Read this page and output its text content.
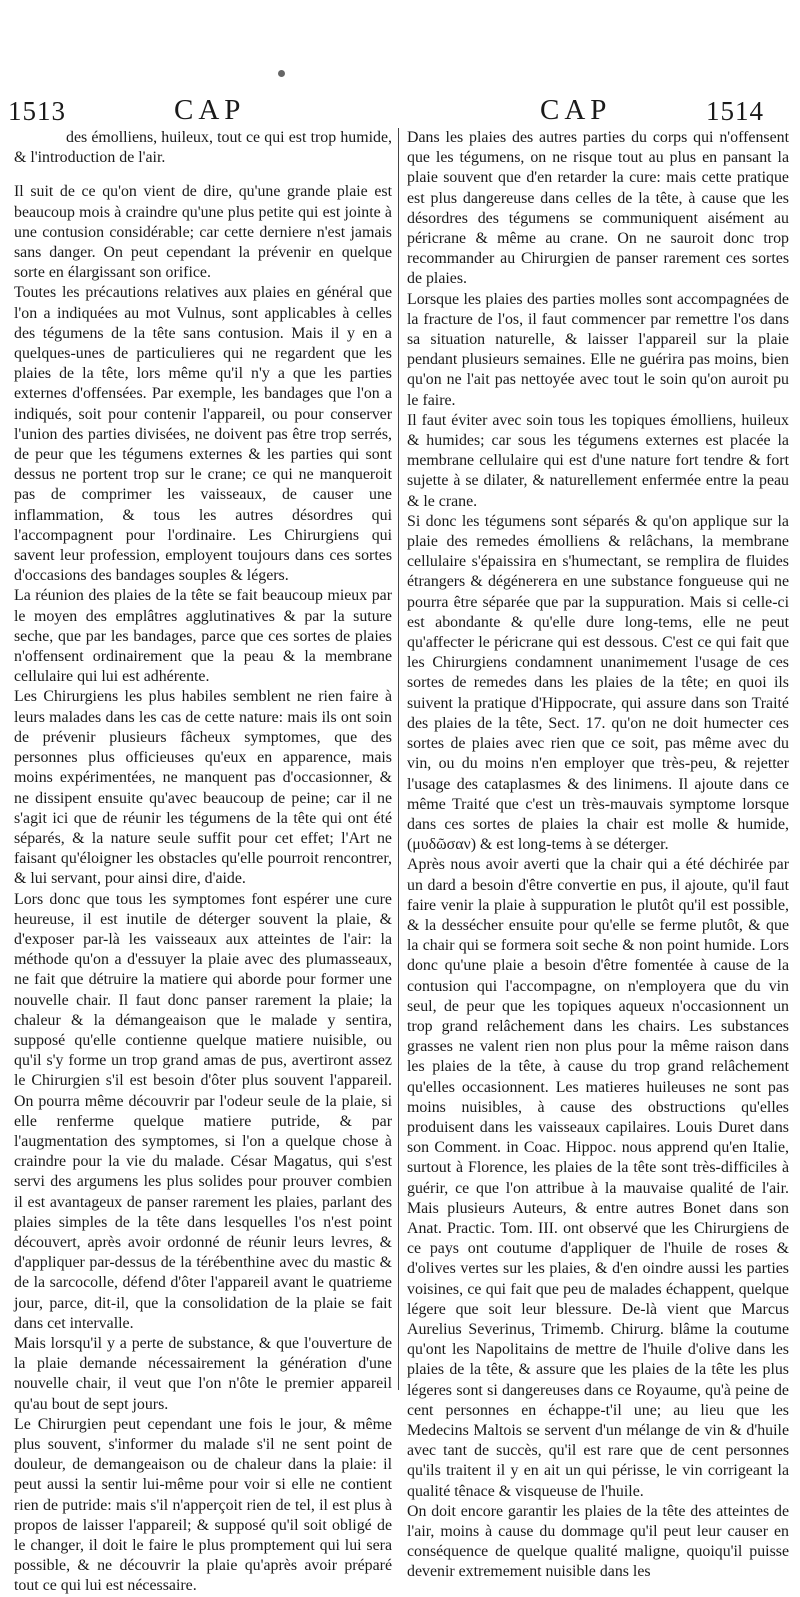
1513	CAP	CAP	1514

des émolliens, huileux, tout ce qui est trop humide, & l'introduction de l'air.

Il suit de ce qu'on vient de dire, qu'une grande plaie est beaucoup mois à craindre qu'une plus petite qui est jointe à une contusion considérable; car cette derniere n'est jamais sans danger. On peut cependant la prévenir en quelque sorte en élargissant son orifice.

Toutes les précautions relatives aux plaies en général que l'on a indiquées au mot Vulnus, sont applicables à celles des tégumens de la tête sans contusion. Mais il y en a quelques-unes de particulieres qui ne regardent que les plaies de la tête, lors même qu'il n'y a que les parties externes d'offensées. Par exemple, les bandages que l'on a indiqués, soit pour contenir l'appareil, ou pour conserver l'union des parties divisées, ne doivent pas être trop serrés, de peur que les tégumens externes & les parties qui sont dessus ne portent trop sur le crane; ce qui ne manqueroit pas de comprimer les vaisseaux, de causer une inflammation, & tous les autres désordres qui l'accompagnent pour l'ordinaire. Les Chirurgiens qui savent leur profession, employent toujours dans ces sortes d'occasions des bandages souples & légers.

La réunion des plaies de la tête se fait beaucoup mieux par le moyen des emplâtres agglutinatives & par la suture seche, que par les bandages, parce que ces sortes de plaies n'offensent ordinairement que la peau & la membrane cellulaire qui lui est adhérente.

Les Chirurgiens les plus habiles semblent ne rien faire à leurs malades dans les cas de cette nature: mais ils ont soin de prévenir plusieurs fâcheux symptomes, que des personnes plus officieuses qu'eux en apparence, mais moins expérimentées, ne manquent pas d'occasionner, & ne dissipent ensuite qu'avec beaucoup de peine; car il ne s'agit ici que de réunir les tégumens de la tête qui ont été séparés, & la nature seule suffit pour cet effet; l'Art ne faisant qu'éloigner les obstacles qu'elle pourroit rencontrer, & lui servant, pour ainsi dire, d'aide.

Lors donc que tous les symptomes font espérer une cure heureuse, il est inutile de déterger souvent la plaie, & d'exposer par-là les vaisseaux aux atteintes de l'air: la méthode qu'on a d'essuyer la plaie avec des plumasseaux, ne fait que détruire la matiere qui aborde pour former une nouvelle chair. Il faut donc panser rarement la plaie; la chaleur & la démangeaison que le malade y sentira, supposé qu'elle contienne quelque matiere nuisible, ou qu'il s'y forme un trop grand amas de pus, avertiront assez le Chirurgien s'il est besoin d'ôter plus souvent l'appareil. On pourra même découvrir par l'odeur seule de la plaie, si elle renferme quelque matiere putride, & par l'augmentation des symptomes, si l'on a quelque chose à craindre pour la vie du malade. César Magatus, qui s'est servi des argumens les plus solides pour prouver combien il est avantageux de panser rarement les plaies, parlant des plaies simples de la tête dans lesquelles l'os n'est point découvert, après avoir ordonné de réunir leurs levres, & d'appliquer par-dessus de la térébenthine avec du mastic & de la sarcocolle, défend d'ôter l'appareil avant le quatrieme jour, parce, dit-il, que la consolidation de la plaie se fait dans cet intervalle.

Mais lorsqu'il y a perte de substance, & que l'ouverture de la plaie demande nécessairement la génération d'une nouvelle chair, il veut que l'on n'ôte le premier appareil qu'au bout de sept jours.

Le Chirurgien peut cependant une fois le jour, & même plus souvent, s'informer du malade s'il ne sent point de douleur, de demangeaison ou de chaleur dans la plaie: il peut aussi la sentir lui-même pour voir si elle ne contient rien de putride: mais s'il n'apperçoit rien de tel, il est plus à propos de laisser l'appareil; & supposé qu'il soit obligé de le changer, il doit le faire le plus promptement qui lui sera possible, & ne découvrir la plaie qu'après avoir préparé tout ce qui lui est nécessaire.

Dans les plaies des autres parties du corps qui n'offensent que les tégumens, on ne risque tout au plus en pansant la plaie souvent que d'en retarder la cure: mais cette pratique est plus dangereuse dans celles de la tête, à cause que les désordres des tégumens se communiquent aisément au péricrane & même au crane. On ne sauroit donc trop recommander au Chirurgien de panser rarement ces sortes de plaies.

Lorsque les plaies des parties molles sont accompagnées de la fracture de l'os, il faut commencer par remettre l'os dans sa situation naturelle, & laisser l'appareil sur la plaie pendant plusieurs semaines. Elle ne guérira pas moins, bien qu'on ne l'ait pas nettoyée avec tout le soin qu'on auroit pu le faire.

Il faut éviter avec soin tous les topiques émolliens, huileux & humides; car sous les tégumens externes est placée la membrane cellulaire qui est d'une nature fort tendre & fort sujette à se dilater, & naturellement enfermée entre la peau & le crane.

Si donc les tégumens sont séparés & qu'on applique sur la plaie des remedes émolliens & relâchans, la membrane cellulaire s'épaissira en s'humectant, se remplira de fluides étrangers & dégénerera en une substance fongueuse qui ne pourra être séparée que par la suppuration. Mais si celle-ci est abondante & qu'elle dure long-tems, elle ne peut qu'affecter le péricrane qui est dessous. C'est ce qui fait que les Chirurgiens condamnent unanimement l'usage de ces sortes de remedes dans les plaies de la tête; en quoi ils suivent la pratique d'Hippocrate, qui assure dans son Traité des plaies de la tête, Sect. 17. qu'on ne doit humecter ces sortes de plaies avec rien que ce soit, pas même avec du vin, ou du moins n'en employer que très-peu, & rejetter l'usage des cataplasmes & des linimens. Il ajoute dans ce même Traité que c'est un très-mauvais symptome lorsque dans ces sortes de plaies la chair est molle & humide, (μυδῶσαν) & est long-tems à se déterger.

Après nous avoir averti que la chair qui a été déchirée par un dard a besoin d'être convertie en pus, il ajoute, qu'il faut faire venir la plaie à suppuration le plutôt qu'il est possible, & la dessécher ensuite pour qu'elle se ferme plutôt, & que la chair qui se formera soit seche & non point humide. Lors donc qu'une plaie a besoin d'être fomentée à cause de la contusion qui l'accompagne, on n'employera que du vin seul, de peur que les topiques aqueux n'occasionnent un trop grand relâchement dans les chairs. Les substances grasses ne valent rien non plus pour la même raison dans les plaies de la tête, à cause du trop grand relâchement qu'elles occasionnent. Les matieres huileuses ne sont pas moins nuisibles, à cause des obstructions qu'elles produisent dans les vaisseaux capilaires. Louis Duret dans son Comment. in Coac. Hippoc. nous apprend qu'en Italie, surtout à Florence, les plaies de la tête sont très-difficiles à guérir, ce que l'on attribue à la mauvaise qualité de l'air. Mais plusieurs Auteurs, & entre autres Bonet dans son Anat. Practic. Tom. III. ont observé que les Chirurgiens de ce pays ont coutume d'appliquer de l'huile de roses & d'olives vertes sur les plaies, & d'en oindre aussi les parties voisines, ce qui fait que peu de malades échappent, quelque légere que soit leur blessure. De-là vient que Marcus Aurelius Severinus, Trimemb. Chirurg. blâme la coutume qu'ont les Napolitains de mettre de l'huile d'olive dans les plaies de la tête, & assure que les plaies de la tête les plus légeres sont si dangereuses dans ce Royaume, qu'à peine de cent personnes en échappe-t'il une; au lieu que les Medecins Maltois se servent d'un mélange de vin & d'huile avec tant de succès, qu'il est rare que de cent personnes qu'ils traitent il y en ait un qui périsse, le vin corrigeant la qualité tênace & visqueuse de l'huile.

On doit encore garantir les plaies de la tête des atteintes de l'air, moins à cause du dommage qu'il peut leur causer en conséquence de quelque qualité maligne, quoiqu'il puisse devenir extremement nuisible dans les
